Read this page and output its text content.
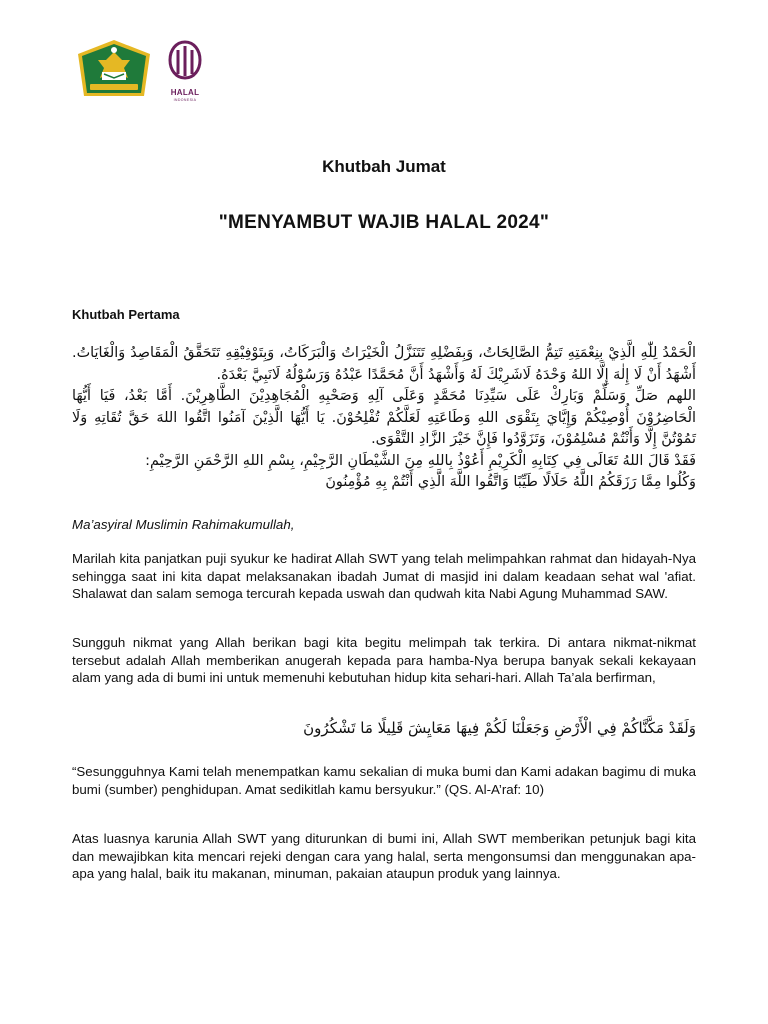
HALAL
INDONESIA
Khutbah Jumat
"MENYAMBUT WAJIB HALAL 2024"
Khutbah Pertama

الْحَمْدُ لِلّٰهِ الَّذِيْ بِنِعْمَتِهِ تَتِمُّ الصَّالِحَاتُ، وَبِفَضْلِهِ تَتَنَزَّلُ الْخَيْرَاتُ وَالْبَرَكَاتُ، وَبِتَوْفِيْقِهِ تَتَحَقَّقُ الْمَقَاصِدُ وَالْغَايَاتُ. أَشْهَدُ أَنْ لَا إِلٰهَ إِلَّا اللهُ وَحْدَهُ لَاشَرِيْكَ لَهُ وَأَشْهَدُ أَنَّ مُحَمَّدًا عَبْدُهُ وَرَسُوْلُهُ لَانَبِيَّ بَعْدَهُ.

اللهم صَلِّ وَسَلِّمْ وَبَارِكْ عَلَى سَيِّدِنَا مُحَمَّدٍ وَعَلَى آلِهِ وَصَحْبِهِ الْمُجَاهِدِيْنَ الطَّاهِرِيْنَ. أَمَّا بَعْدُ، فَيَا أَيُّهَا الْحَاضِرُوْنَ أُوْصِيْكُمْ وَإِيَّايَ بِتَقْوَى اللهِ وَطَاعَتِهِ لَعَلَّكُمْ تُفْلِحُوْنَ. يَا أَيُّهَا الَّذِيْنَ آمَنُوا اتَّقُوا اللهَ حَقَّ تُقَاتِهِ وَلَا تَمُوْتُنَّ إِلَّا وَأَنْتُمْ مُسْلِمُوْنَ، وَتَزَوَّدُوا فَإِنَّ خَيْرَ الزَّادِ التَّقْوَى.

فَقَدْ قَالَ اللهُ تَعَالَى فِي كِتَابِهِ الْكَرِيْمِ أَعُوْذُ بِاللهِ مِنَ الشَّيْطَانِ الرَّجِيْمِ، بِسْمِ اللهِ الرَّحْمَنِ الرَّحِيْمِ:

وَكُلُوا مِمَّا رَزَقَكُمُ اللَّهُ حَلَالًا طَيِّبًا وَاتَّقُوا اللَّهَ الَّذِي أَنْتُمْ بِهِ مُؤْمِنُونَ

Ma’asyiral Muslimin Rahimakumullah,
Marilah kita panjatkan puji syukur ke hadirat Allah SWT yang telah melimpahkan rahmat dan hidayah-Nya sehingga saat ini kita dapat melaksanakan ibadah Jumat di masjid ini dalam keadaan sehat wal 'afiat. Shalawat dan salam semoga tercurah kepada uswah dan qudwah kita Nabi Agung Muhammad SAW.
Sungguh nikmat yang Allah berikan bagi kita begitu melimpah tak terkira. Di antara nikmat-nikmat tersebut adalah Allah memberikan anugerah kepada para hamba-Nya berupa banyak sekali kekayaan alam yang ada di bumi ini untuk memenuhi kebutuhan hidup kita sehari-hari. Allah Ta’ala berfirman,
وَلَقَدْ مَكَّنَّاكُمْ فِي الْأَرْضِ وَجَعَلْنَا لَكُمْ فِيهَا مَعَايِشَ قَلِيلًا مَا تَشْكُرُونَ
“Sesungguhnya Kami telah menempatkan kamu sekalian di muka bumi dan Kami adakan bagimu di muka bumi (sumber) penghidupan. Amat sedikitlah kamu bersyukur.” (QS. Al-A’raf: 10)
Atas luasnya karunia Allah SWT yang diturunkan di bumi ini, Allah SWT memberikan petunjuk bagi kita dan mewajibkan kita mencari rejeki dengan cara yang halal, serta mengonsumsi dan menggunakan apa-apa yang halal, baik itu makanan, minuman, pakaian ataupun produk yang lainnya.
